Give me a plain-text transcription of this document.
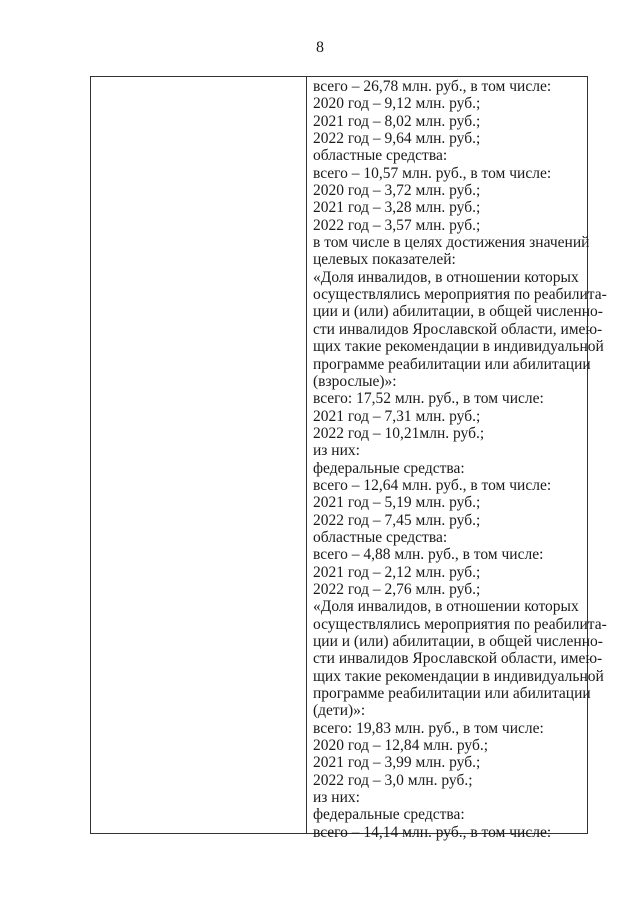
8
всего – 26,78 млн. руб., в том числе:
2020 год – 9,12 млн. руб.;
2021 год – 8,02 млн. руб.;
2022 год – 9,64 млн. руб.;
областные средства:
всего – 10,57 млн. руб., в том числе:
2020 год – 3,72 млн. руб.;
2021 год – 3,28 млн. руб.;
2022 год – 3,57 млн. руб.;
в том числе в целях достижения значений
целевых показателей:
«Доля инвалидов, в отношении которых
осуществлялись мероприятия по реабилита-
ции и (или) абилитации, в общей численно-
сти инвалидов Ярославской области, имею-
щих такие рекомендации в индивидуальной
программе реабилитации или абилитации
(взрослые)»:
всего: 17,52 млн. руб., в том числе:
2021 год – 7,31 млн. руб.;
2022 год – 10,21млн. руб.;
из них:
федеральные средства:
всего – 12,64 млн. руб., в том числе:
2021 год – 5,19 млн. руб.;
2022 год – 7,45 млн. руб.;
областные средства:
всего – 4,88 млн. руб., в том числе:
2021 год – 2,12 млн. руб.;
2022 год – 2,76 млн. руб.;
«Доля инвалидов, в отношении которых
осуществлялись мероприятия по реабилита-
ции и (или) абилитации, в общей численно-
сти инвалидов Ярославской области, имею-
щих такие рекомендации в индивидуальной
программе реабилитации или абилитации
(дети)»:
всего: 19,83 млн. руб., в том числе:
2020 год – 12,84 млн. руб.;
2021 год – 3,99 млн. руб.;
2022 год – 3,0 млн. руб.;
из них:
федеральные средства:
всего – 14,14 млн. руб., в том числе:
